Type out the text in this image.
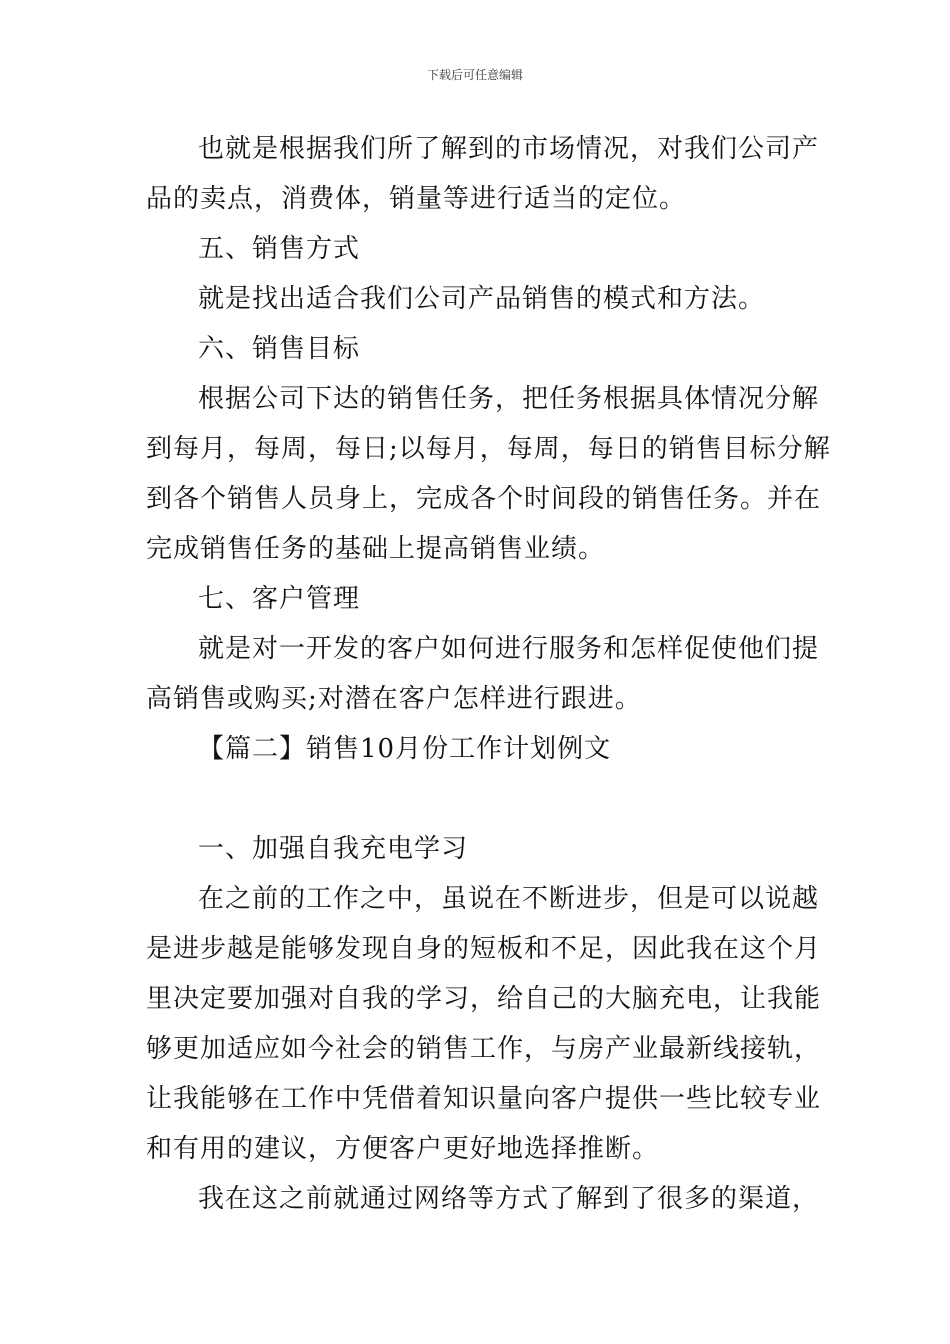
下载后可任意编辑
也就是根据我们所了解到的市场情况，对我们公司产
品的卖点，消费体，销量等进行适当的定位。
五、销售方式
就是找出适合我们公司产品销售的模式和方法。
六、销售目标
根据公司下达的销售任务，把任务根据具体情况分解
到每月，每周，每日;以每月，每周，每日的销售目标分解
到各个销售人员身上，完成各个时间段的销售任务。并在
完成销售任务的基础上提高销售业绩。
七、客户管理
就是对一开发的客户如何进行服务和怎样促使他们提
高销售或购买;对潜在客户怎样进行跟进。
【篇二】销售10月份工作计划例文
一、加强自我充电学习
在之前的工作之中，虽说在不断进步，但是可以说越
是进步越是能够发现自身的短板和不足，因此我在这个月
里决定要加强对自我的学习，给自己的大脑充电，让我能
够更加适应如今社会的销售工作，与房产业最新线接轨，
让我能够在工作中凭借着知识量向客户提供一些比较专业
和有用的建议，方便客户更好地选择推断。
我在这之前就通过网络等方式了解到了很多的渠道，
